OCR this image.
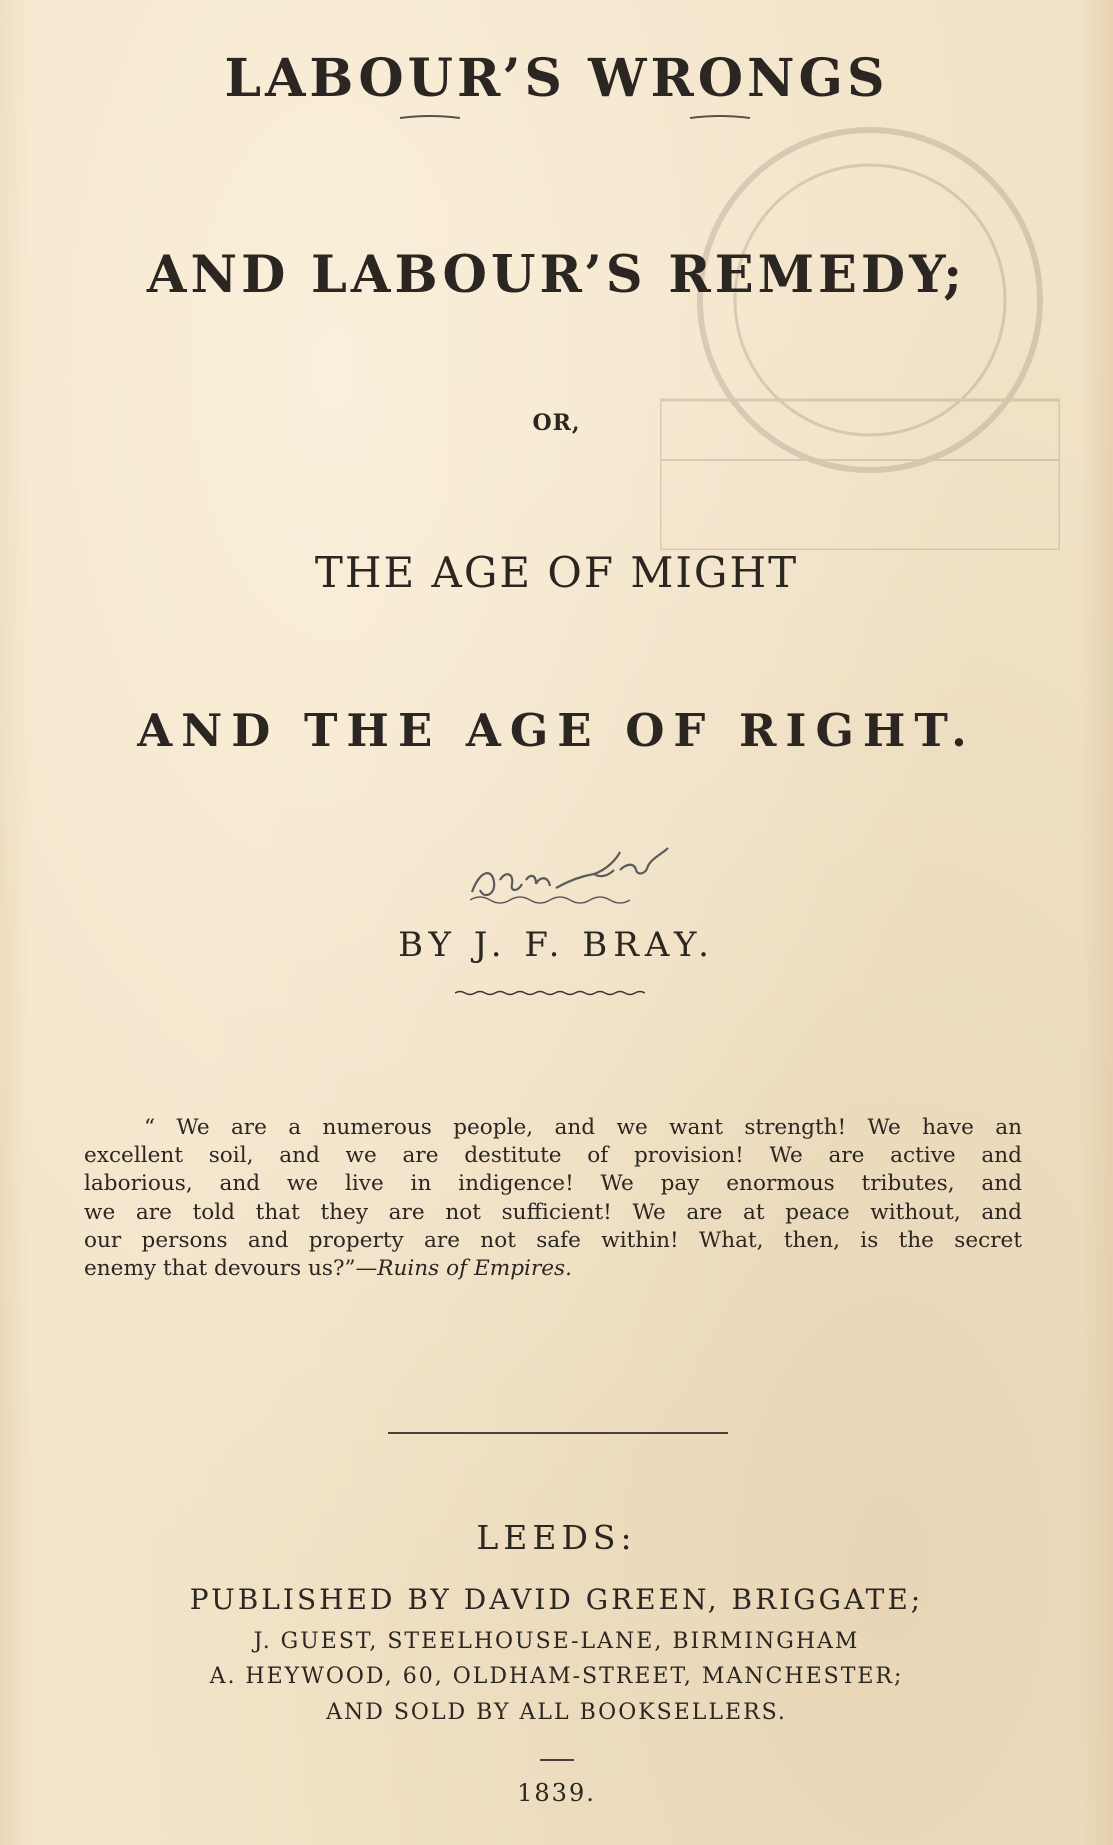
LABOUR’S WRONGS
AND LABOUR’S REMEDY;
OR,
THE AGE OF MIGHT
AND THE AGE OF RIGHT.
BY J. F. BRAY.
“ We are a numerous people, and we want strength! We have an
excellent soil, and we are destitute of provision! We are active and
laborious, and we live in indigence! We pay enormous tributes, and
we are told that they are not sufficient! We are at peace without, and
our persons and property are not safe within! What, then, is the secret
enemy that devours us?”—Ruins of Empires.
LEEDS:
PUBLISHED BY DAVID GREEN, BRIGGATE;
J. GUEST, STEELHOUSE-LANE, BIRMINGHAM
A. HEYWOOD, 60, OLDHAM-STREET, MANCHESTER;
AND SOLD BY ALL BOOKSELLERS.
1839.
